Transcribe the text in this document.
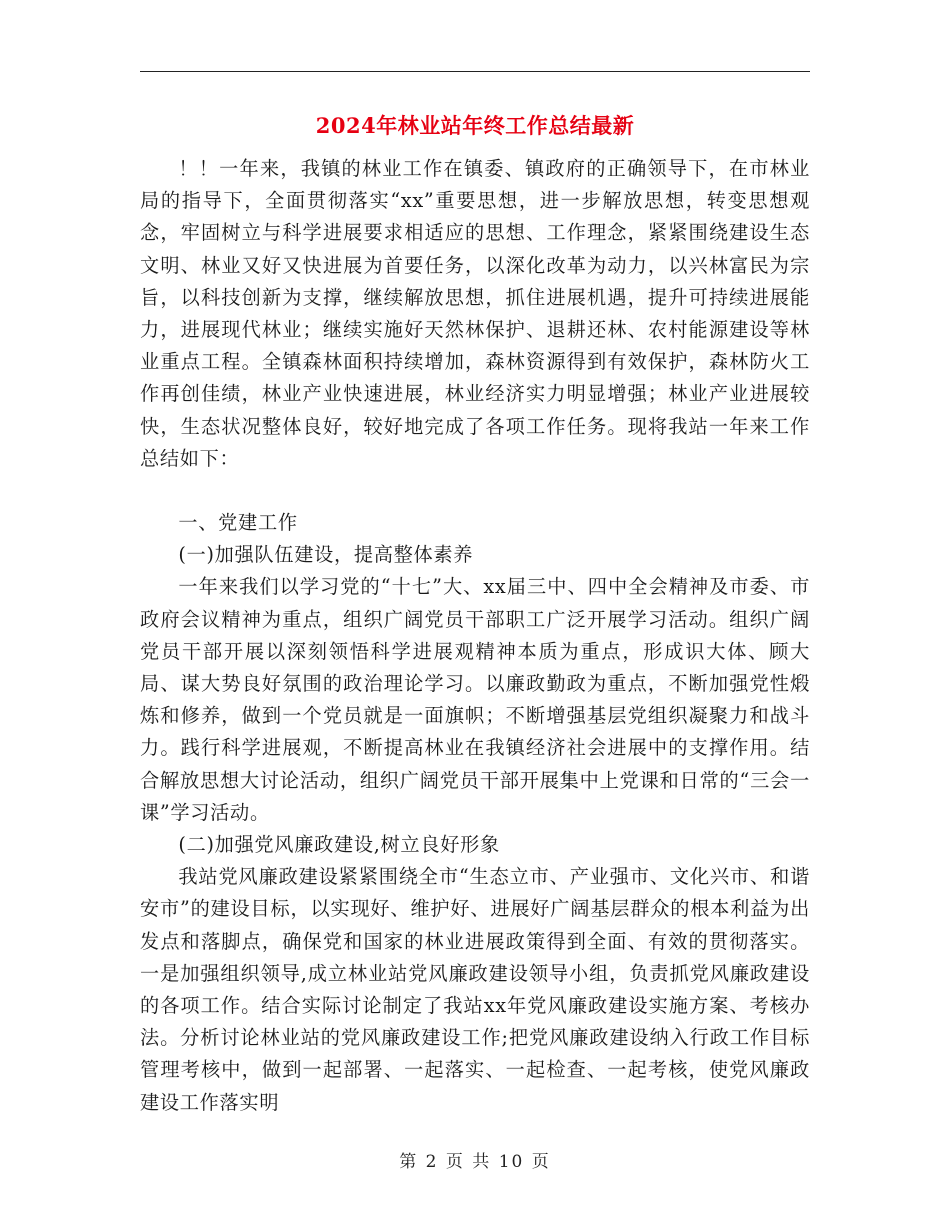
2024年林业站年终工作总结最新

！！一年来，我镇的林业工作在镇委、镇政府的正确领导下，在市林业局的指导下，全面贯彻落实“xx”重要思想，进一步解放思想，转变思想观念，牢固树立与科学进展要求相适应的思想、工作理念，紧紧围绕建设生态文明、林业又好又快进展为首要任务，以深化改革为动力，以兴林富民为宗旨，以科技创新为支撑，继续解放思想，抓住进展机遇，提升可持续进展能力，进展现代林业；继续实施好天然林保护、退耕还林、农村能源建设等林业重点工程。全镇森林面积持续增加，森林资源得到有效保护，森林防火工作再创佳绩，林业产业快速进展，林业经济实力明显增强；林业产业进展较快，生态状况整体良好，较好地完成了各项工作任务。现将我站一年来工作总结如下：

一、党建工作

(一)加强队伍建设，提高整体素养

一年来我们以学习党的“十七”大、xx届三中、四中全会精神及市委、市政府会议精神为重点，组织广阔党员干部职工广泛开展学习活动。组织广阔党员干部开展以深刻领悟科学进展观精神本质为重点，形成识大体、顾大局、谋大势良好氛围的政治理论学习。以廉政勤政为重点，不断加强党性煅炼和修养，做到一个党员就是一面旗帜；不断增强基层党组织凝聚力和战斗力。践行科学进展观，不断提高林业在我镇经济社会进展中的支撑作用。结合解放思想大讨论活动，组织广阔党员干部开展集中上党课和日常的“三会一课”学习活动。

(二)加强党风廉政建设,树立良好形象

我站党风廉政建设紧紧围绕全市“生态立市、产业强市、文化兴市、和谐安市”的建设目标，以实现好、维护好、进展好广阔基层群众的根本利益为出发点和落脚点，确保党和国家的林业进展政策得到全面、有效的贯彻落实。一是加强组织领导,成立林业站党风廉政建设领导小组，负责抓党风廉政建设的各项工作。结合实际讨论制定了我站xx年党风廉政建设实施方案、考核办法。分析讨论林业站的党风廉政建设工作;把党风廉政建设纳入行政工作目标管理考核中，做到一起部署、一起落实、一起检查、一起考核，使党风廉政建设工作落实明

第 2 页 共 10 页
